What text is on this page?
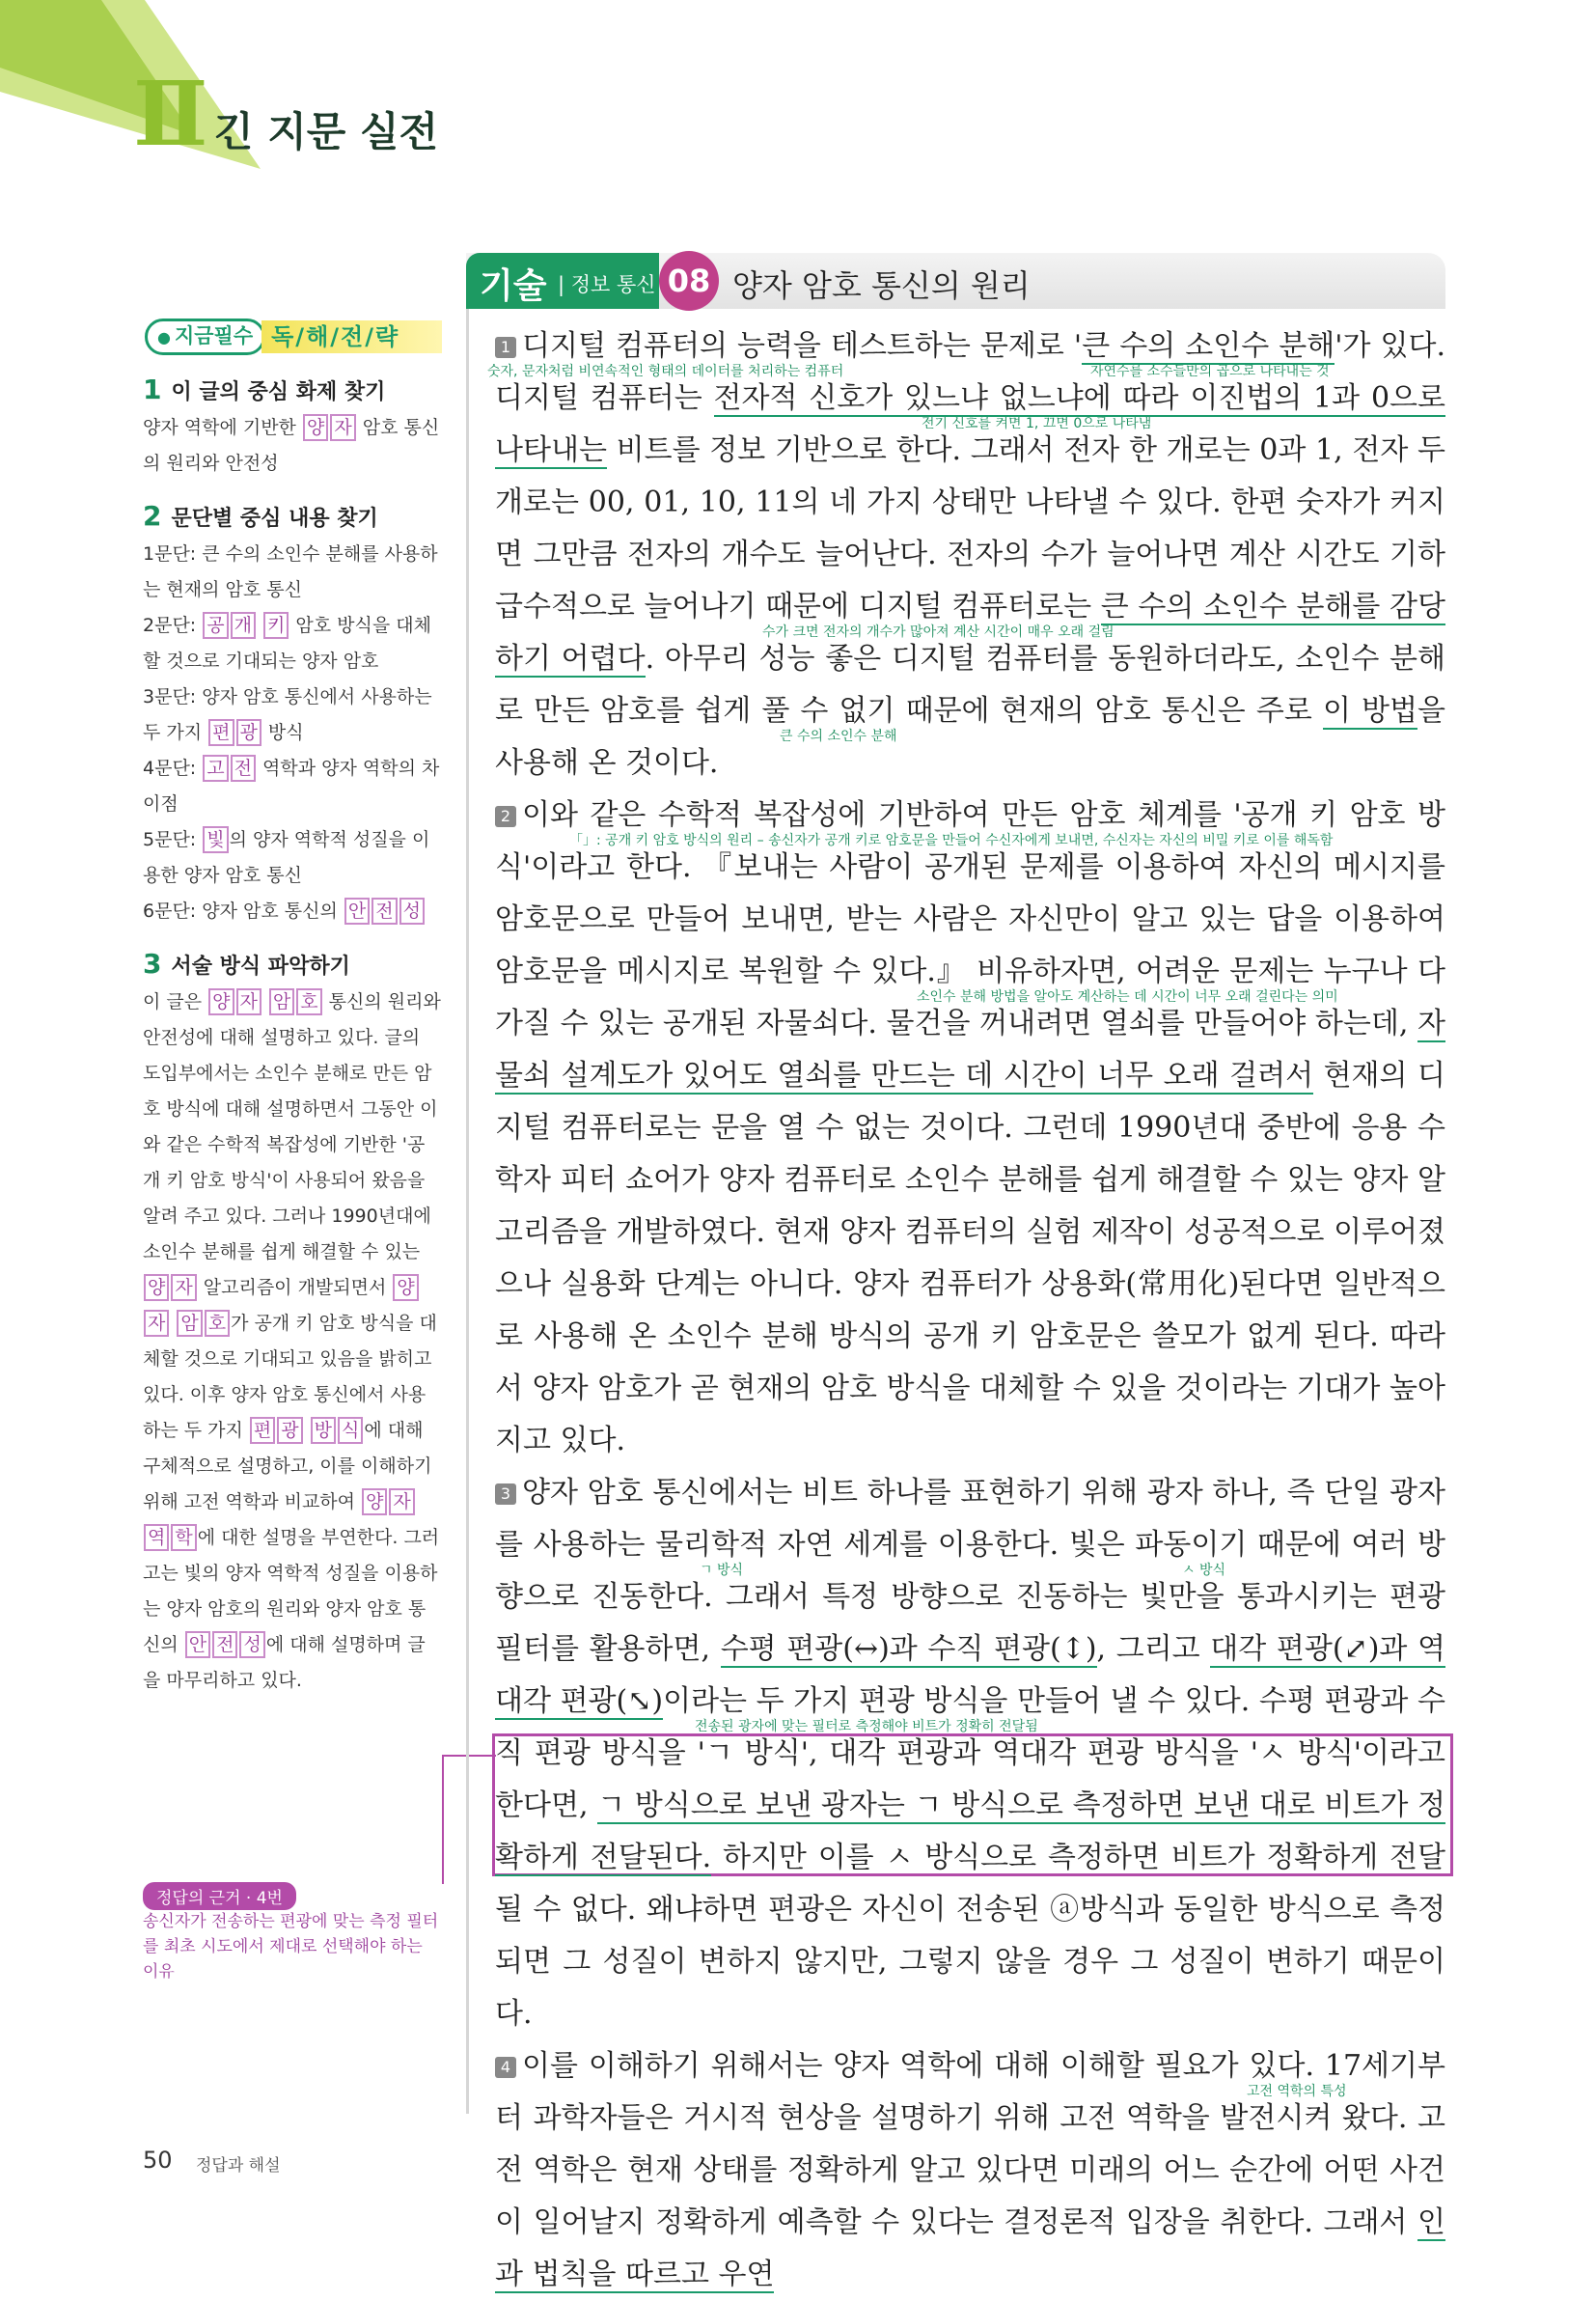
Ⅱ 긴 지문 실전
● 지금필수 독/해/전/략
1 이 글의 중심 화제 찾기
양자 역학에 기반한 양 자 암호 통신의 원리와 안전성
2 문단별 중심 내용 찾기
1문단: 큰 수의 소인수 분해를 사용하는 현재의 암호 통신
2문단: 공 개 키 암호 방식을 대체할 것으로 기대되는 양자 암호
3문단: 양자 암호 통신에서 사용하는 두 가지 편 광 방식
4문단: 고 전 역학과 양자 역학의 차이점
5문단: 빛 의 양자 역학적 성질을 이용한 양자 암호 통신
6문단: 양자 암호 통신의 안 전 성
3 서술 방식 파악하기
이 글은 양 자 암 호 통신의 원리와 안전성에 대해 설명하고 있다. 글의 도입부에서는 소인수 분해로 만든 암호 방식에 대해 설명하면서 그동안 이와 같은 수학적 복잡성에 기반한 '공개 키 암호 방식'이 사용되어 왔음을 알려 주고 있다. 그러나 1990년대에 소인수 분해를 쉽게 해결할 수 있는 양 자 알고리즘이 개발되면서 양자 암 호 가 공개 키 암호 방식을 대체할 것으로 기대되고 있음을 밝히고 있다. 이후 양자 암호 통신에서 사용하는 두 가지 편 광 방 식 에 대해 구체적으로 설명하고, 이를 이해하기 위해 고전 역학과 비교하여 양 자 역 학 에 대한 설명을 부연한다. 그러고는 빛의 양자 역학적 성질을 이용하는 양자 암호의 원리와 양자 암호 통신의 안 전 성 에 대해 설명하며 글을 마무리하고 있다.
정답의 근거 · 4번
송신자가 전송하는 편광에 맞는 측정 필터를 최초 시도에서 제대로 선택해야 하는 이유
기술 | 정보 통신 08 양자 암호 통신의 원리
숫자, 문자처럼 비연속적인 형태의 데이터를 처리하는 컴퓨터	자연수를 소수들만의 곱으로 나타내는 것
전기 신호를 켜면 1, 끄면 0으로 나타냄
수가 크면 전자의 개수가 많아져 계산 시간이 매우 오래 걸림
큰 수의 소인수 분해
「」: 공개 키 암호 방식의 원리 – 송신자가 공개 키로 암호문을 만들어 수신자에게 보내면, 수신자는 자신의 비밀 키로 이를 해독함
소인수 분해 방법을 알아도 계산하는 데 시간이 너무 오래 걸린다는 의미
ㄱ 방식	ㅅ 방식
전송된 광자에 맞는 필터로 측정해야 비트가 정확히 전달됨
고전 역학의 특성

1 디지털 컴퓨터의 능력을 테스트하는 문제로 '큰 수의 소인수 분해'가 있다. 디지털 컴퓨터는 전자적 신호가 있느냐 없느냐에 따라 이진법의 1과 0으로 나타내는 비트를 정보 기반으로 한다. 그래서 전자 한 개로는 0과 1, 전자 두 개로는 00, 01, 10, 11의 네 가지 상태만 나타낼 수 있다. 한편 숫자가 커지면 그만큼 전자의 개수도 늘어난다. 전자의 수가 늘어나면 계산 시간도 기하급수적으로 늘어나기 때문에 디지털 컴퓨터로는 큰 수의 소인수 분해를 감당하기 어렵다. 아무리 성능 좋은 디지털 컴퓨터를 동원하더라도, 소인수 분해로 만든 암호를 쉽게 풀 수 없기 때문에 현재의 암호 통신은 주로 이 방법을 사용해 온 것이다.

2 이와 같은 수학적 복잡성에 기반하여 만든 암호 체계를 '공개 키 암호 방식'이라고 한다. 『보내는 사람이 공개된 문제를 이용하여 자신의 메시지를 암호문으로 만들어 보내면, 받는 사람은 자신만이 알고 있는 답을 이용하여 암호문을 메시지로 복원할 수 있다.』 비유하자면, 어려운 문제는 누구나 다 가질 수 있는 공개된 자물쇠다. 물건을 꺼내려면 열쇠를 만들어야 하는데, 자물쇠 설계도가 있어도 열쇠를 만드는 데 시간이 너무 오래 걸려서 현재의 디지털 컴퓨터로는 문을 열 수 없는 것이다. 그런데 1990년대 중반에 응용 수학자 피터 쇼어가 양자 컴퓨터로 소인수 분해를 쉽게 해결할 수 있는 양자 알고리즘을 개발하였다. 현재 양자 컴퓨터의 실험 제작이 성공적으로 이루어졌으나 실용화 단계는 아니다. 양자 컴퓨터가 상용화(常用化)된다면 일반적으로 사용해 온 소인수 분해 방식의 공개 키 암호문은 쓸모가 없게 된다. 따라서 양자 암호가 곧 현재의 암호 방식을 대체할 수 있을 것이라는 기대가 높아지고 있다.

3 양자 암호 통신에서는 비트 하나를 표현하기 위해 광자 하나, 즉 단일 광자를 사용하는 물리학적 자연 세계를 이용한다. 빛은 파동이기 때문에 여러 방향으로 진동한다. 그래서 특정 방향으로 진동하는 빛만을 통과시키는 편광 필터를 활용하면, 수평 편광(↔)과 수직 편광(↕), 그리고 대각 편광(⤢)과 역대각 편광(⤡)이라는 두 가지 편광 방식을 만들어 낼 수 있다. 수평 편광과 수직 편광 방식을 'ㄱ 방식', 대각 편광과 역대각 편광 방식을 'ㅅ 방식'이라고 한다면, ㄱ 방식으로 보낸 광자는 ㄱ 방식으로 측정하면 보낸 대로 비트가 정확하게 전달된다. 하지만 이를 ㅅ 방식으로 측정하면 비트가 정확하게 전달될 수 없다. 왜냐하면 편광은 자신이 전송된 ⓐ방식과 동일한 방식으로 측정되면 그 성질이 변하지 않지만, 그렇지 않을 경우 그 성질이 변하기 때문이다.

4 이를 이해하기 위해서는 양자 역학에 대해 이해할 필요가 있다. 17세기부터 과학자들은 거시적 현상을 설명하기 위해 고전 역학을 발전시켜 왔다. 고전 역학은 현재 상태를 정확하게 알고 있다면 미래의 어느 순간에 어떤 사건이 일어날지 정확하게 예측할 수 있다는 결정론적 입장을 취한다. 그래서 인과 법칙을 따르고 우연

50 정답과 해설
